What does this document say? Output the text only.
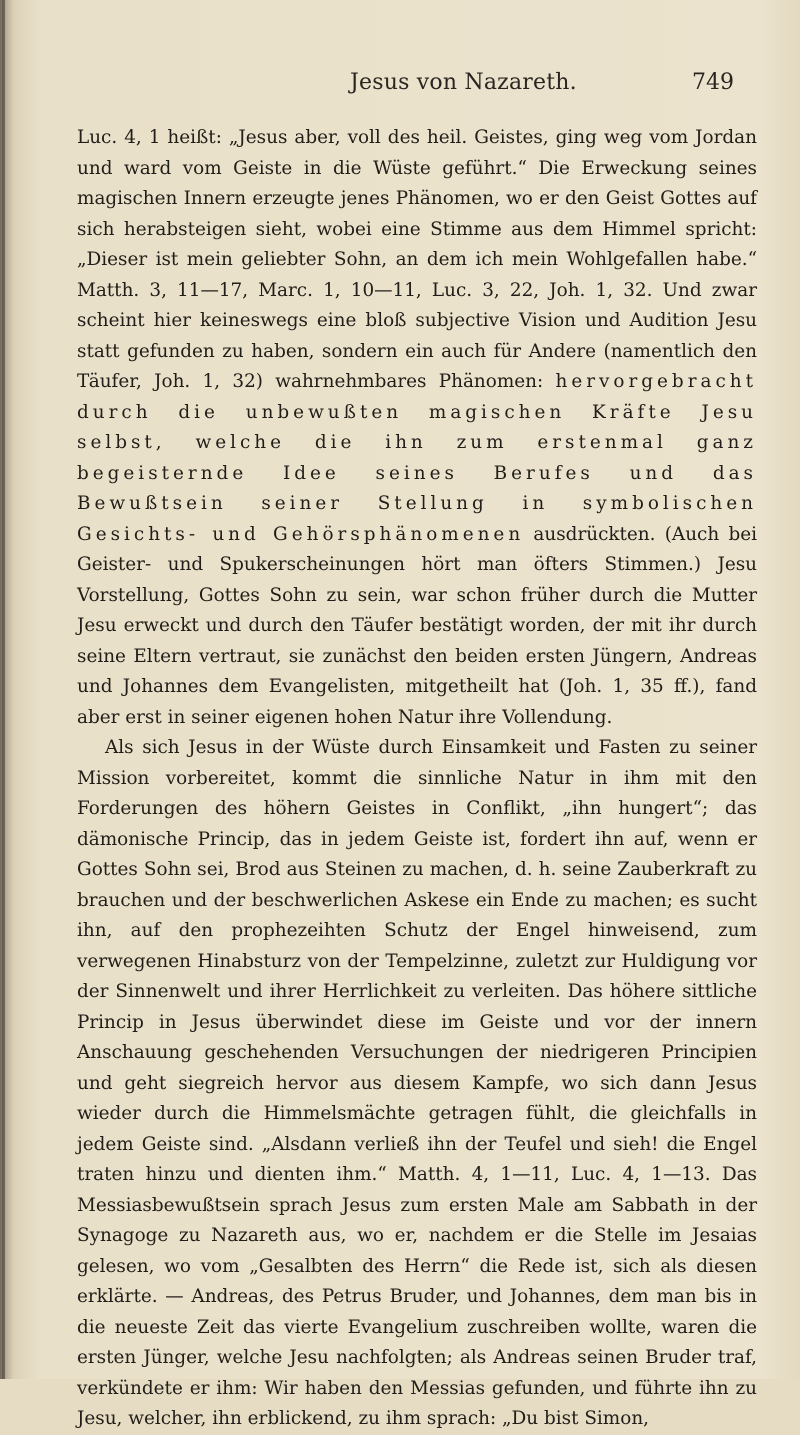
Jesus von Nazareth.	749

Luc. 4, 1 heißt: „Jesus aber, voll des heil. Geistes, ging weg vom Jordan und ward vom Geiste in die Wüste geführt.“ Die Erweckung seines magischen Innern erzeugte jenes Phänomen, wo er den Geist Gottes auf sich herabsteigen sieht, wobei eine Stimme aus dem Himmel spricht: „Dieser ist mein geliebter Sohn, an dem ich mein Wohlgefallen habe.“ Matth. 3, 11—17, Marc. 1, 10—11, Luc. 3, 22, Joh. 1, 32. Und zwar scheint hier keineswegs eine bloß subjective Vision und Audition Jesu statt gefunden zu haben, sondern ein auch für Andere (namentlich den Täufer, Joh. 1, 32) wahrnehmbares Phänomen: hervorgebracht durch die unbewußten magischen Kräfte Jesu selbst, welche die ihn zum erstenmal ganz begeisternde Idee seines Berufes und das Bewußtsein seiner Stellung in symbolischen Gesichts- und Gehörsphänomenen ausdrückten. (Auch bei Geister- und Spukerscheinungen hört man öfters Stimmen.) Jesu Vorstellung, Gottes Sohn zu sein, war schon früher durch die Mutter Jesu erweckt und durch den Täufer bestätigt worden, der mit ihr durch seine Eltern vertraut, sie zunächst den beiden ersten Jüngern, Andreas und Johannes dem Evangelisten, mitgetheilt hat (Joh. 1, 35 ff.), fand aber erst in seiner eigenen hohen Natur ihre Vollendung.

Als sich Jesus in der Wüste durch Einsamkeit und Fasten zu seiner Mission vorbereitet, kommt die sinnliche Natur in ihm mit den Forderungen des höhern Geistes in Conflikt, „ihn hungert“; das dämonische Princip, das in jedem Geiste ist, fordert ihn auf, wenn er Gottes Sohn sei, Brod aus Steinen zu machen, d. h. seine Zauberkraft zu brauchen und der beschwerlichen Askese ein Ende zu machen; es sucht ihn, auf den prophezeihten Schutz der Engel hinweisend, zum verwegenen Hinabsturz von der Tempelzinne, zuletzt zur Huldigung vor der Sinnenwelt und ihrer Herrlichkeit zu verleiten. Das höhere sittliche Princip in Jesus überwindet diese im Geiste und vor der innern Anschauung geschehenden Versuchungen der niedrigeren Principien und geht siegreich hervor aus diesem Kampfe, wo sich dann Jesus wieder durch die Himmelsmächte getragen fühlt, die gleichfalls in jedem Geiste sind. „Alsdann verließ ihn der Teufel und sieh! die Engel traten hinzu und dienten ihm.“ Matth. 4, 1—11, Luc. 4, 1—13. Das Messiasbewußtsein sprach Jesus zum ersten Male am Sabbath in der Synagoge zu Nazareth aus, wo er, nachdem er die Stelle im Jesaias gelesen, wo vom „Gesalbten des Herrn“ die Rede ist, sich als diesen erklärte. — Andreas, des Petrus Bruder, und Johannes, dem man bis in die neueste Zeit das vierte Evangelium zuschreiben wollte, waren die ersten Jünger, welche Jesu nachfolgten; als Andreas seinen Bruder traf, verkündete er ihm: Wir haben den Messias gefunden, und führte ihn zu Jesu, welcher, ihn erblickend, zu ihm sprach: „Du bist Simon,
